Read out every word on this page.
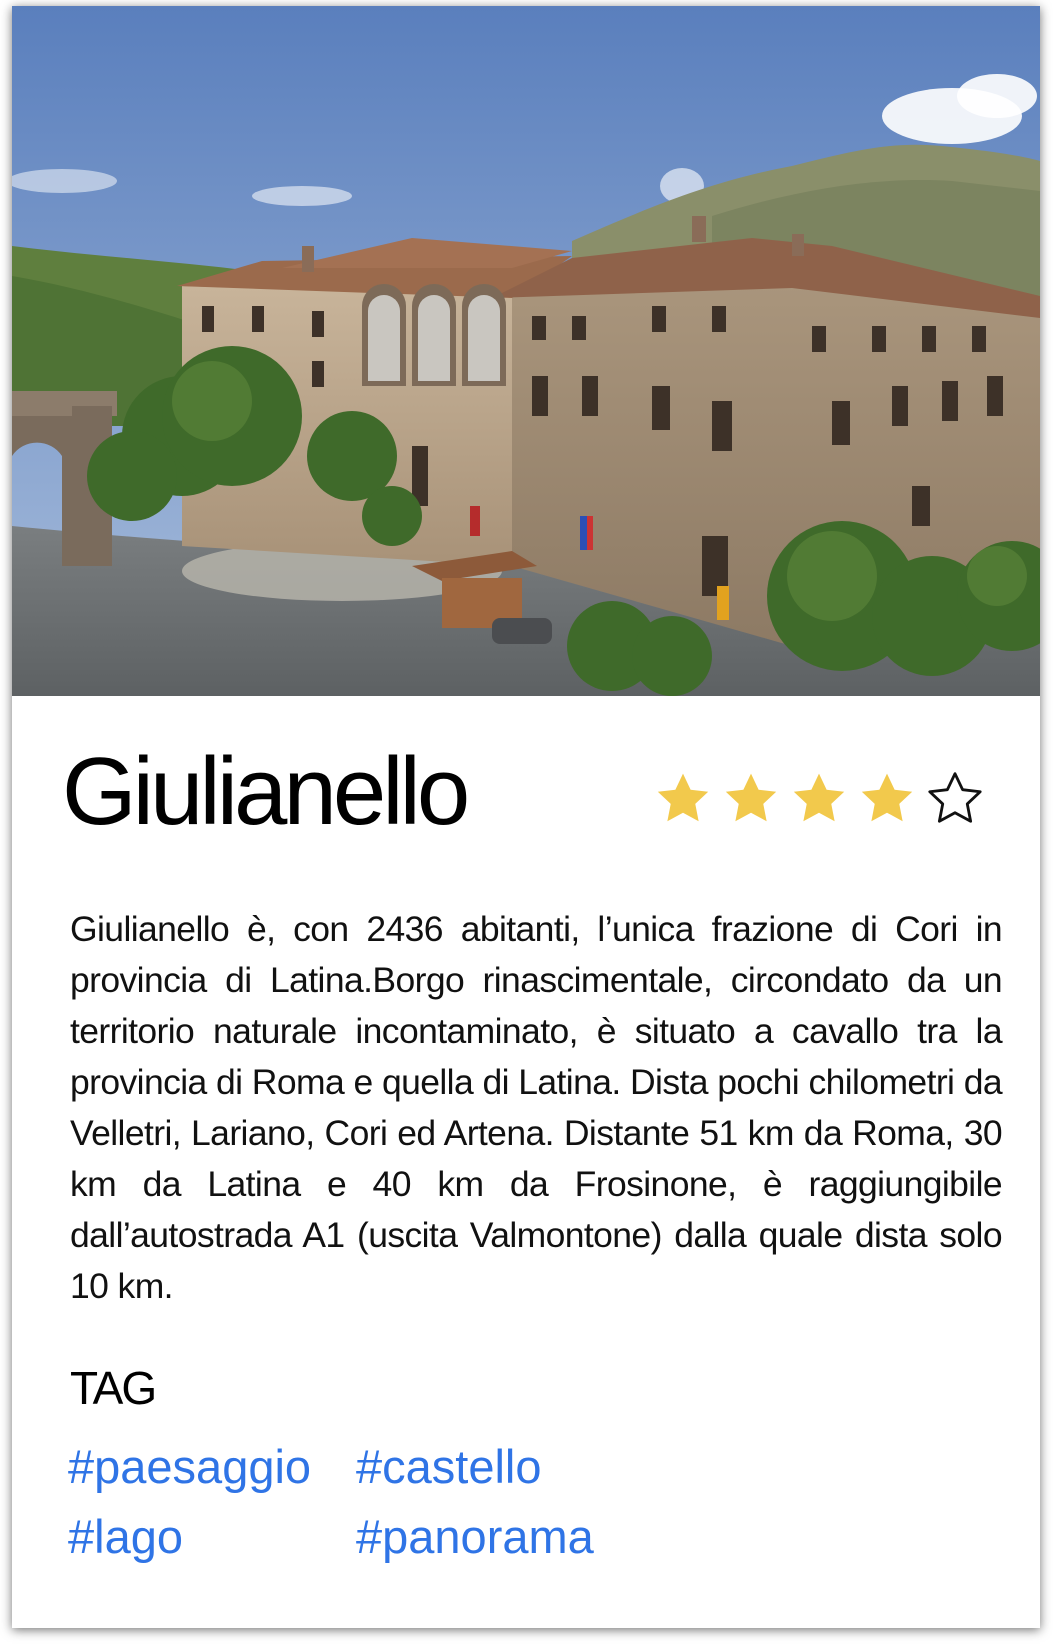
Giulianello

Giulianello è, con 2436 abitanti, l’unica frazione di Cori in provincia di Latina.Borgo rinascimentale, circondato da un territorio naturale incontaminato, è situato a cavallo tra la provincia di Roma e quella di Latina. Dista pochi chilometri da Velletri, Lariano, Cori ed Artena. Distante 51 km da Roma, 30 km da Latina e 40 km da Frosinone, è raggiungibile dall’autostrada A1 (uscita Valmontone) dalla quale dista solo 10 km.

TAG
#paesaggio #castello
#lago	#panorama
